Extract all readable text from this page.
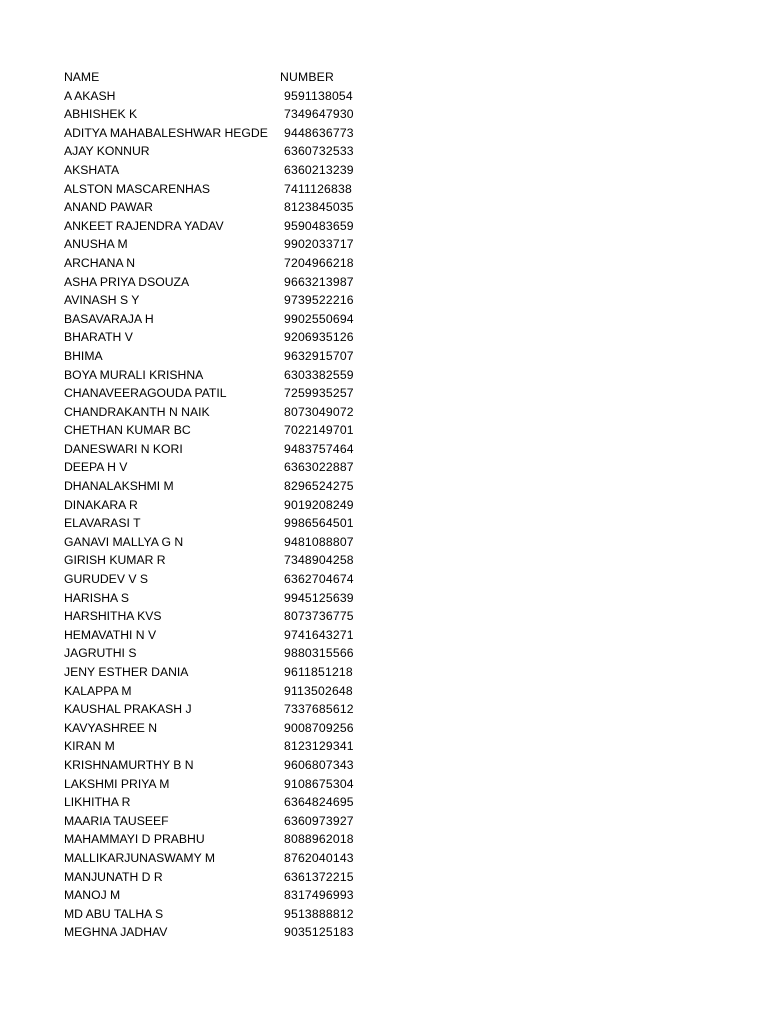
NAME	NUMBER
A AKASH	9591138054
ABHISHEK K	7349647930
ADITYA MAHABALESHWAR HEGDE	9448636773
AJAY KONNUR	6360732533
AKSHATA	6360213239
ALSTON MASCARENHAS	7411126838
ANAND PAWAR	8123845035
ANKEET RAJENDRA YADAV	9590483659
ANUSHA M	9902033717
ARCHANA N	7204966218
ASHA PRIYA DSOUZA	9663213987
AVINASH S Y	9739522216
BASAVARAJA H	9902550694
BHARATH V	9206935126
BHIMA	9632915707
BOYA MURALI KRISHNA	6303382559
CHANAVEERAGOUDA PATIL	7259935257
CHANDRAKANTH N NAIK	8073049072
CHETHAN KUMAR BC	7022149701
DANESWARI N KORI	9483757464
DEEPA H V	6363022887
DHANALAKSHMI M	8296524275
DINAKARA R	9019208249
ELAVARASI T	9986564501
GANAVI MALLYA G N	9481088807
GIRISH KUMAR R	7348904258
GURUDEV V S	6362704674
HARISHA S	9945125639
HARSHITHA KVS	8073736775
HEMAVATHI N V	9741643271
JAGRUTHI S	9880315566
JENY ESTHER DANIA	9611851218
KALAPPA M	9113502648
KAUSHAL PRAKASH J	7337685612
KAVYASHREE N	9008709256
KIRAN M	8123129341
KRISHNAMURTHY B N	9606807343
LAKSHMI PRIYA M	9108675304
LIKHITHA R	6364824695
MAARIA TAUSEEF	6360973927
MAHAMMAYI D PRABHU	8088962018
MALLIKARJUNASWAMY M	8762040143
MANJUNATH D R	6361372215
MANOJ M	8317496993
MD ABU TALHA S	9513888812
MEGHNA JADHAV	9035125183
